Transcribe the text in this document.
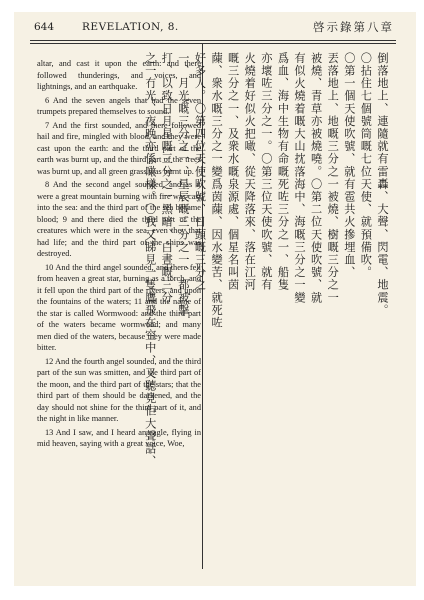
644	REVELATION, 8.	啓示錄第八章

altar, and cast it upon the earth: and there followed thunderings, and voices, and lightnings, and an earthquake.

6 And the seven angels that had the seven trumpets prepared themselves to sound.

7 And the first sounded, and there followed hail and fire, mingled with blood, and they were cast upon the earth: and the third part of the earth was burnt up, and the third part of the trees was burnt up, and all green grass was burnt up.

8 And the second angel sounded, and as it were a great mountain burning with fire was cast into the sea: and the third part of the sea became blood; 9 and there died the third part of the creatures which were in the sea, even they that had life; and the third part of the ships was destroyed.

10 And the third angel sounded, and there fell from heaven a great star, burning as a torch, and it fell upon the third part of the rivers, and upon the fountains of the waters; 11 and the name of the star is called Wormwood: and the third part of the waters became wormwood; and many men died of the waters, because they were made bitter.

12 And the fourth angel sounded, and the third part of the sun was smitten, and the third part of the moon, and the third part of the stars; that the third part of them should be darkened, and the day should not shine for the third part of it, and the night in like manner.

13 And I saw, and I heard an eagle, flying in mid heaven, saying with a great voice, Woe,

倒落地上、連隨就有雷轟、大聲、閃電、地震。
〇拈住七個號筒嘅七位天使、就預備吹。
〇第一個天使吹號、就有雹共火摻埋血、
丟落地上、地嘅三分之一被燒、樹嘅三分之一
被燒、青草亦被燒嘵。〇第二位天使吹號、就
有似火燒着嘅大山抌落海中、海嘅三分之一變
爲血、海中生物有命嘅死咗三分之一、船隻
亦壞咗三分之一。〇第三位天使吹號、就有
火燒着好似火把噉、從天降落來、落在江河
嘅三分之一、及衆水嘅泉源處、個星名叫茵
蔯、衆水嘅三分之一變爲茵蔯、因水變苦、就死咗
好多人。〇第四位天使吹號、日頭嘅三分之
一、月光嘅三分之一、星辰嘅三分之一、都被擊
打、以致日月星嘅三分之一黑暗、白晝嘅三分
之一冇光、夜晚亦係噉樣。〇我又睇見一隻鷹飛在空中、又聽見佢大聲話、
